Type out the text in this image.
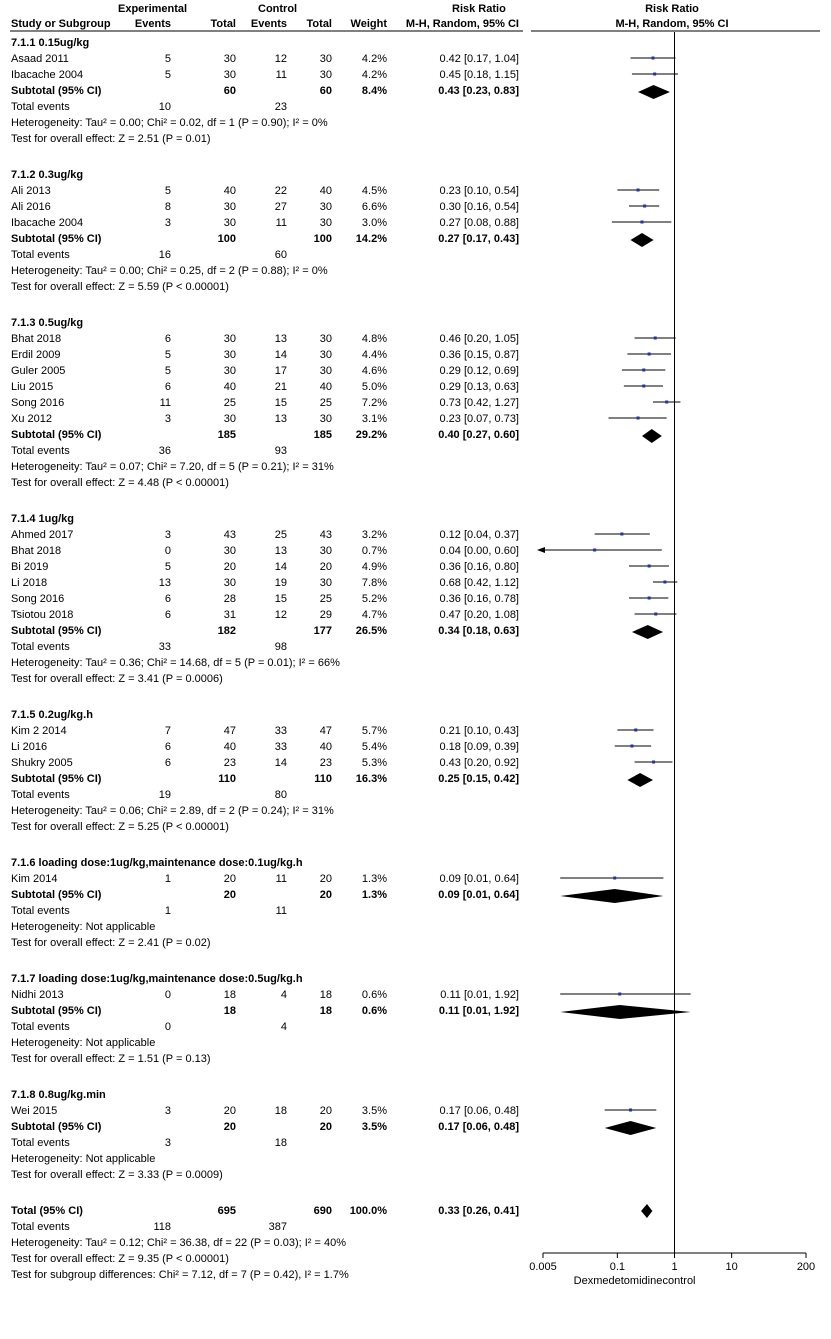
Experimental	Control	Risk Ratio	Risk Ratio
Study or Subgroup Events	Total Events Total Weight M-H, Random, 95% CI	M-H, Random, 95% CI
7.1.1 0.15ug/kg
Asaad 2011	5	30	12	30	4.2%	0.42 [0.17, 1.04]
Ibacache 2004	5	30	11	30	4.2%	0.45 [0.18, 1.15]
Subtotal (95% CI)	60	60	8.4%	0.43 [0.23, 0.83]
Total events	10	23
Heterogeneity: Tau² = 0.00; Chi² = 0.02, df = 1 (P = 0.90); I² = 0%
Test for overall effect: Z = 2.51 (P = 0.01)
7.1.2 0.3ug/kg
Ali 2013	5	40	22	40	4.5%	0.23 [0.10, 0.54]
Ali 2016	8	30	27	30	6.6%	0.30 [0.16, 0.54]
Ibacache 2004	3	30	11	30	3.0%	0.27 [0.08, 0.88]
Subtotal (95% CI)	100	100 14.2%	0.27 [0.17, 0.43]
Total events	16	60
Heterogeneity: Tau² = 0.00; Chi² = 0.25, df = 2 (P = 0.88); I² = 0%
Test for overall effect: Z = 5.59 (P < 0.00001)
7.1.3 0.5ug/kg
Bhat 2018	6	30	13	30	4.8%	0.46 [0.20, 1.05]
Erdil 2009	5	30	14	30	4.4%	0.36 [0.15, 0.87]
Guler 2005	5	30	17	30	4.6%	0.29 [0.12, 0.69]
Liu 2015	6	40	21	40	5.0%	0.29 [0.13, 0.63]
Song 2016	11	25	15	25	7.2%	0.73 [0.42, 1.27]
Xu 2012	3	30	13	30	3.1%	0.23 [0.07, 0.73]
Subtotal (95% CI)	185	185 29.2%	0.40 [0.27, 0.60]
Total events	36	93
Heterogeneity: Tau² = 0.07; Chi² = 7.20, df = 5 (P = 0.21); I² = 31%
Test for overall effect: Z = 4.48 (P < 0.00001)
7.1.4 1ug/kg
Ahmed 2017	3	43	25	43	3.2%	0.12 [0.04, 0.37]
Bhat 2018	0	30	13	30	0.7%	0.04 [0.00, 0.60]
Bi 2019	5	20	14	20	4.9%	0.36 [0.16, 0.80]
Li 2018	13	30	19	30	7.8%	0.68 [0.42, 1.12]
Song 2016	6	28	15	25	5.2%	0.36 [0.16, 0.78]
Tsiotou 2018	6	31	12	29	4.7%	0.47 [0.20, 1.08]
Subtotal (95% CI)	182	177 26.5%	0.34 [0.18, 0.63]
Total events	33	98
Heterogeneity: Tau² = 0.36; Chi² = 14.68, df = 5 (P = 0.01); I² = 66%
Test for overall effect: Z = 3.41 (P = 0.0006)
7.1.5 0.2ug/kg.h
Kim 2 2014	7	47	33	47	5.7%	0.21 [0.10, 0.43]
Li 2016	6	40	33	40	5.4%	0.18 [0.09, 0.39]
Shukry 2005	6	23	14	23	5.3%	0.43 [0.20, 0.92]
Subtotal (95% CI)	110	110 16.3%	0.25 [0.15, 0.42]
Total events	19	80
Heterogeneity: Tau² = 0.06; Chi² = 2.89, df = 2 (P = 0.24); I² = 31%
Test for overall effect: Z = 5.25 (P < 0.00001)
7.1.6 loading dose:1ug/kg,maintenance dose:0.1ug/kg.h
Kim 2014	1	20	11	20	1.3%	0.09 [0.01, 0.64]
Subtotal (95% CI)	20	20	1.3%	0.09 [0.01, 0.64]
Total events	1	11
Heterogeneity: Not applicable
Test for overall effect: Z = 2.41 (P = 0.02)
7.1.7 loading dose:1ug/kg,maintenance dose:0.5ug/kg.h
Nidhi 2013	0	18	4	18	0.6%	0.11 [0.01, 1.92]
Subtotal (95% CI)	18	18	0.6%	0.11 [0.01, 1.92]
Total events	0	4
Heterogeneity: Not applicable
Test for overall effect: Z = 1.51 (P = 0.13)
7.1.8 0.8ug/kg.min
Wei 2015	3	20	18	20	3.5%	0.17 [0.06, 0.48]
Subtotal (95% CI)	20	20	3.5%	0.17 [0.06, 0.48]
Total events	3	18
Heterogeneity: Not applicable
Test for overall effect: Z = 3.33 (P = 0.0009)
Total (95% CI)	695	690 100.0%	0.33 [0.26, 0.41]
Total events	118	387
Heterogeneity: Tau² = 0.12; Chi² = 36.38, df = 22 (P = 0.03); I² = 40%
Test for overall effect: Z = 9.35 (P < 0.00001)
Test for subgroup differences: Chi² = 7.12, df = 7 (P = 0.42), I² = 1.7%
0.005	0.1	1	10	200
Dexmedetomidine control
